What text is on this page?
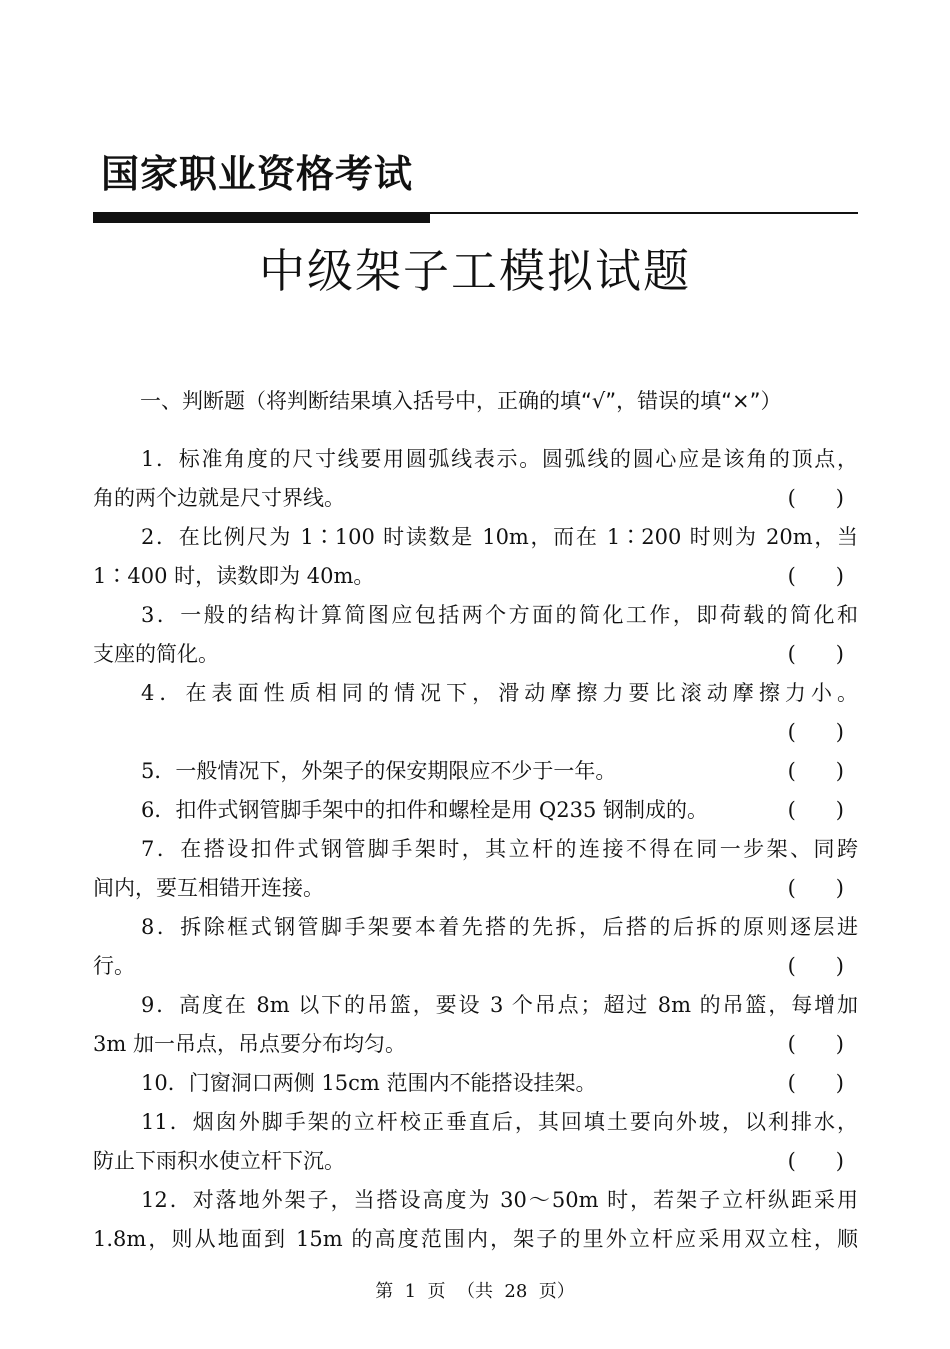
国家职业资格考试
中级架子工模拟试题
一、判断题（将判断结果填入括号中，正确的填“√”，错误的填“×”）
1．标准角度的尺寸线要用圆弧线表示。圆弧线的圆心应是该角的顶点，
角的两个边就是尺寸界线。	(      )
2．在比例尺为 1∶100 时读数是 10m，而在 1∶200 时则为 20m，当
1∶400 时，读数即为 40m。	(      )
3．一般的结构计算简图应包括两个方面的简化工作，即荷载的简化和
支座的简化。	(      )
4．在表面性质相同的情况下，滑动摩擦力要比滚动摩擦力小。
(      )
5．一般情况下，外架子的保安期限应不少于一年。	(      )
6．扣件式钢管脚手架中的扣件和螺栓是用 Q235 钢制成的。	(      )
7．在搭设扣件式钢管脚手架时，其立杆的连接不得在同一步架、同跨
间内，要互相错开连接。	(      )
8．拆除框式钢管脚手架要本着先搭的先拆，后搭的后拆的原则逐层进
行。	(      )
9．高度在 8m 以下的吊篮，要设 3 个吊点；超过 8m 的吊篮，每增加
3m 加一吊点，吊点要分布均匀。	(      )
10．门窗洞口两侧 15cm 范围内不能搭设挂架。	(      )
11．烟囱外脚手架的立杆校正垂直后，其回填土要向外坡，以利排水，
防止下雨积水使立杆下沉。	(      )
12．对落地外架子，当搭设高度为 30～50m 时，若架子立杆纵距采用
1.8m，则从地面到 15m 的高度范围内，架子的里外立杆应采用双立柱，顺
第  1  页  （共  28  页）
